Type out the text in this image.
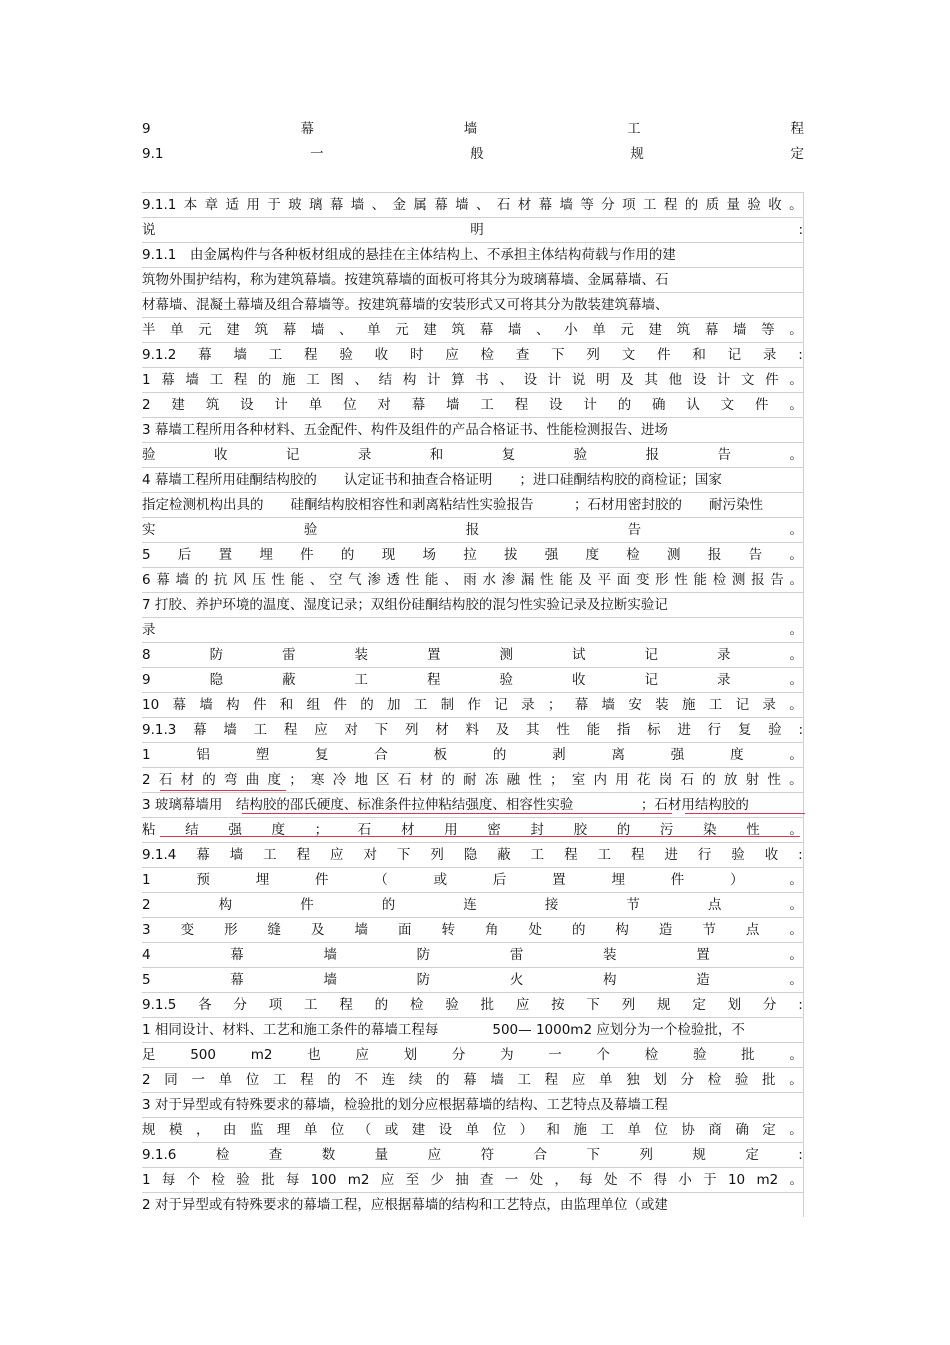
9	幕	墙	工	程
9.1	一	般	规	定
9.1.1 本 章 适 用 于 玻 璃 幕 墙 、 金 属 幕 墙 、 石 材 幕 墙 等 分 项 工 程 的 质 量 验 收 。
说	明	:
9.1.1　由金属构件与各种板材组成的悬挂在主体结构上、不承担主体结构荷载与作用的建
筑物外围护结构，称为建筑幕墙。按建筑幕墙的面板可将其分为玻璃幕墙、金属幕墙、石
材幕墙、混凝土幕墙及组合幕墙等。按建筑幕墙的安装形式又可将其分为散装建筑幕墙、
半 单 元 建 筑 幕 墙 、 单 元 建 筑 幕 墙 、 小 单 元 建 筑 幕 墙 等 。
9.1.2 幕 墙 工 程 验 收 时 应 检 查 下 列 文 件 和 记 录 :
1 幕 墙 工 程 的 施 工 图 、 结 构 计 算 书 、 设 计 说 明 及 其 他 设 计 文 件 。
2 建 筑 设 计 单 位 对 幕 墙 工 程 设 计 的 确 认 文 件 。
3 幕墙工程所用各种材料、五金配件、构件及组件的产品合格证书、性能检测报告、进场
验	收	记	录	和	复	验	报	告	。
4 幕墙工程所用硅酮结构胶的　　认定证书和抽查合格证明　　；进口硅酮结构胶的商检证；国家
指定检测机构出具的　　硅酮结构胶相容性和剥离粘结性实验报告　　　；石材用密封胶的　　耐污染性
实	验	报	告	。
5 后 置 埋 件 的 现 场 拉 拔 强 度 检 测 报 告 。
6 幕 墙 的 抗 风 压 性 能 、 空 气 渗 透 性 能 、 雨 水 渗 漏 性 能 及 平 面 变 形 性 能 检 测 报 告 。
7 打胶、养护环境的温度、湿度记录；双组份硅酮结构胶的混匀性实验记录及拉断实验记
录	。
8	防	雷	装	置	测	试	记	录	。
9	隐	蔽	工	程	验	收	记	录	。
10 幕 墙 构 件 和 组 件 的 加 工 制 作 记 录 ； 幕 墙 安 装 施 工 记 录 。
9.1.3 幕 墙 工 程 应 对 下 列 材 料 及 其 性 能 指 标 进 行 复 验 :
1	铝	塑	复	合	板	的	剥	离	强	度	。
2 石 材 的 弯 曲 度 ； 寒 冷 地 区 石 材 的 耐 冻 融 性 ； 室 内 用 花 岗 石 的 放 射 性 。
3 玻璃幕墙用　结构胶的邵氏硬度、标准条件拉伸粘结强度、相容性实验　　　　　；石材用结构胶的
粘 结 强 度 ； 石 材 用 密 封 胶 的 污 染 性 。
9.1.4 幕 墙 工 程 应 对 下 列 隐 蔽 工 程 工 程 进 行 验 收 :
1	预	埋	件	（	或	后	置	埋	件	）	。
2	构	件	的	连	接	节	点	。
3 变 形 缝 及 墙 面 转 角 处 的 构 造 节 点 。
4	幕	墙	防	雷	装	置	。
5	幕	墙	防	火	构	造	。
9.1.5 各 分 项 工 程 的 检 验 批 应 按 下 列 规 定 划 分 :
1 相同设计、材料、工艺和施工条件的幕墙工程每　　　　500— 1000m2 应划分为一个检验批，不
足	500	m2	也	应	划	分	为	一	个	检	验	批	。
2 同 一 单 位 工 程 的 不 连 续 的 幕 墙 工 程 应 单 独 划 分 检 验 批 。
3 对于异型或有特殊要求的幕墙，检验批的划分应根据幕墙的结构、工艺特点及幕墙工程
规 模 ， 由 监 理 单 位 （ 或 建 设 单 位 ） 和 施 工 单 位 协 商 确 定 。
9.1.6	检	查	数	量	应	符	合	下	列	规	定	:
1 每 个 检 验 批 每 100 m2 应 至 少 抽 查 一 处 ， 每 处 不 得 小 于 10 m2 。
2 对于异型或有特殊要求的幕墙工程，应根据幕墙的结构和工艺特点，由监理单位（或建
